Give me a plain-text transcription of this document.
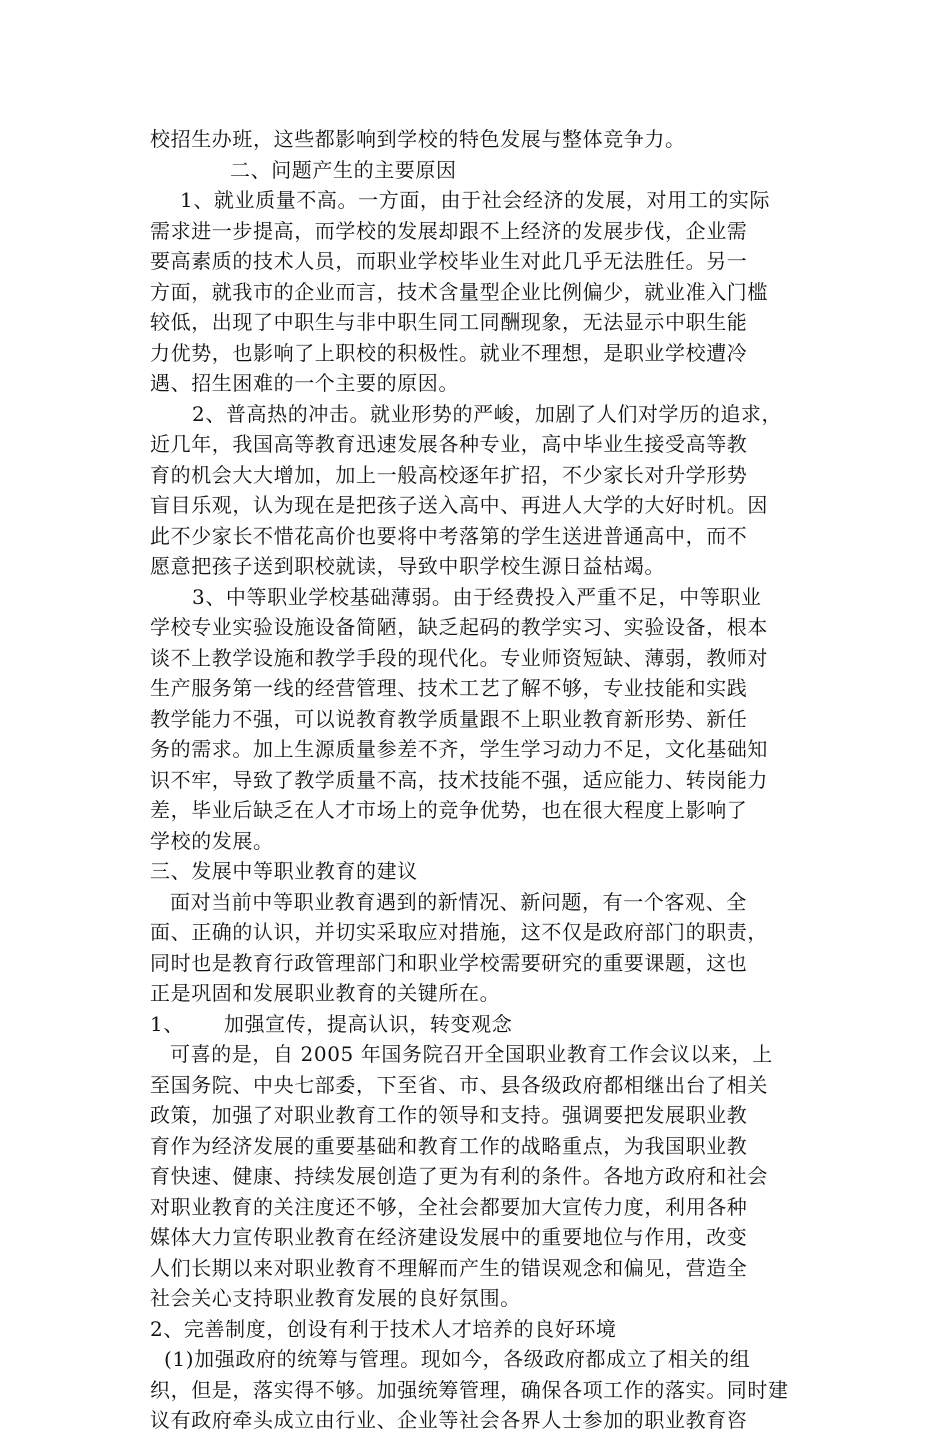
校招生办班，这些都影响到学校的特色发展与整体竞争力。
二、问题产生的主要原因
1、就业质量不高。一方面，由于社会经济的发展，对用工的实际
需求进一步提高，而学校的发展却跟不上经济的发展步伐，企业需
要高素质的技术人员，而职业学校毕业生对此几乎无法胜任。另一
方面，就我市的企业而言，技术含量型企业比例偏少，就业准入门槛
较低，出现了中职生与非中职生同工同酬现象，无法显示中职生能
力优势，也影响了上职校的积极性。就业不理想，是职业学校遭冷
遇、招生困难的一个主要的原因。
2、普高热的冲击。就业形势的严峻，加剧了人们对学历的追求，
近几年，我国高等教育迅速发展各种专业，高中毕业生接受高等教
育的机会大大增加，加上一般高校逐年扩招，不少家长对升学形势
盲目乐观，认为现在是把孩子送入高中、再进人大学的大好时机。因
此不少家长不惜花高价也要将中考落第的学生送进普通高中，而不
愿意把孩子送到职校就读，导致中职学校生源日益枯竭。
3、中等职业学校基础薄弱。由于经费投入严重不足，中等职业
学校专业实验设施设备简陋，缺乏起码的教学实习、实验设备，根本
谈不上教学设施和教学手段的现代化。专业师资短缺、薄弱，教师对
生产服务第一线的经营管理、技术工艺了解不够，专业技能和实践
教学能力不强，可以说教育教学质量跟不上职业教育新形势、新任
务的需求。加上生源质量参差不齐，学生学习动力不足，文化基础知
识不牢，导致了教学质量不高，技术技能不强，适应能力、转岗能力
差，毕业后缺乏在人才市场上的竞争优势，也在很大程度上影响了
学校的发展。
三、发展中等职业教育的建议
面对当前中等职业教育遇到的新情况、新问题，有一个客观、全
面、正确的认识，并切实采取应对措施，这不仅是政府部门的职责，
同时也是教育行政管理部门和职业学校需要研究的重要课题，这也
正是巩固和发展职业教育的关键所在。
1、 加强宣传，提高认识，转变观念
可喜的是，自 2005 年国务院召开全国职业教育工作会议以来，上
至国务院、中央七部委，下至省、市、县各级政府都相继出台了相关
政策，加强了对职业教育工作的领导和支持。强调要把发展职业教
育作为经济发展的重要基础和教育工作的战略重点，为我国职业教
育快速、健康、持续发展创造了更为有利的条件。各地方政府和社会
对职业教育的关注度还不够，全社会都要加大宣传力度，利用各种
媒体大力宣传职业教育在经济建设发展中的重要地位与作用，改变
人们长期以来对职业教育不理解而产生的错误观念和偏见，营造全
社会关心支持职业教育发展的良好氛围。
2、完善制度，创设有利于技术人才培养的良好环境
(1)加强政府的统筹与管理。现如今，各级政府都成立了相关的组
织，但是，落实得不够。加强统筹管理，确保各项工作的落实。同时建
议有政府牵头成立由行业、企业等社会各界人士参加的职业教育咨
